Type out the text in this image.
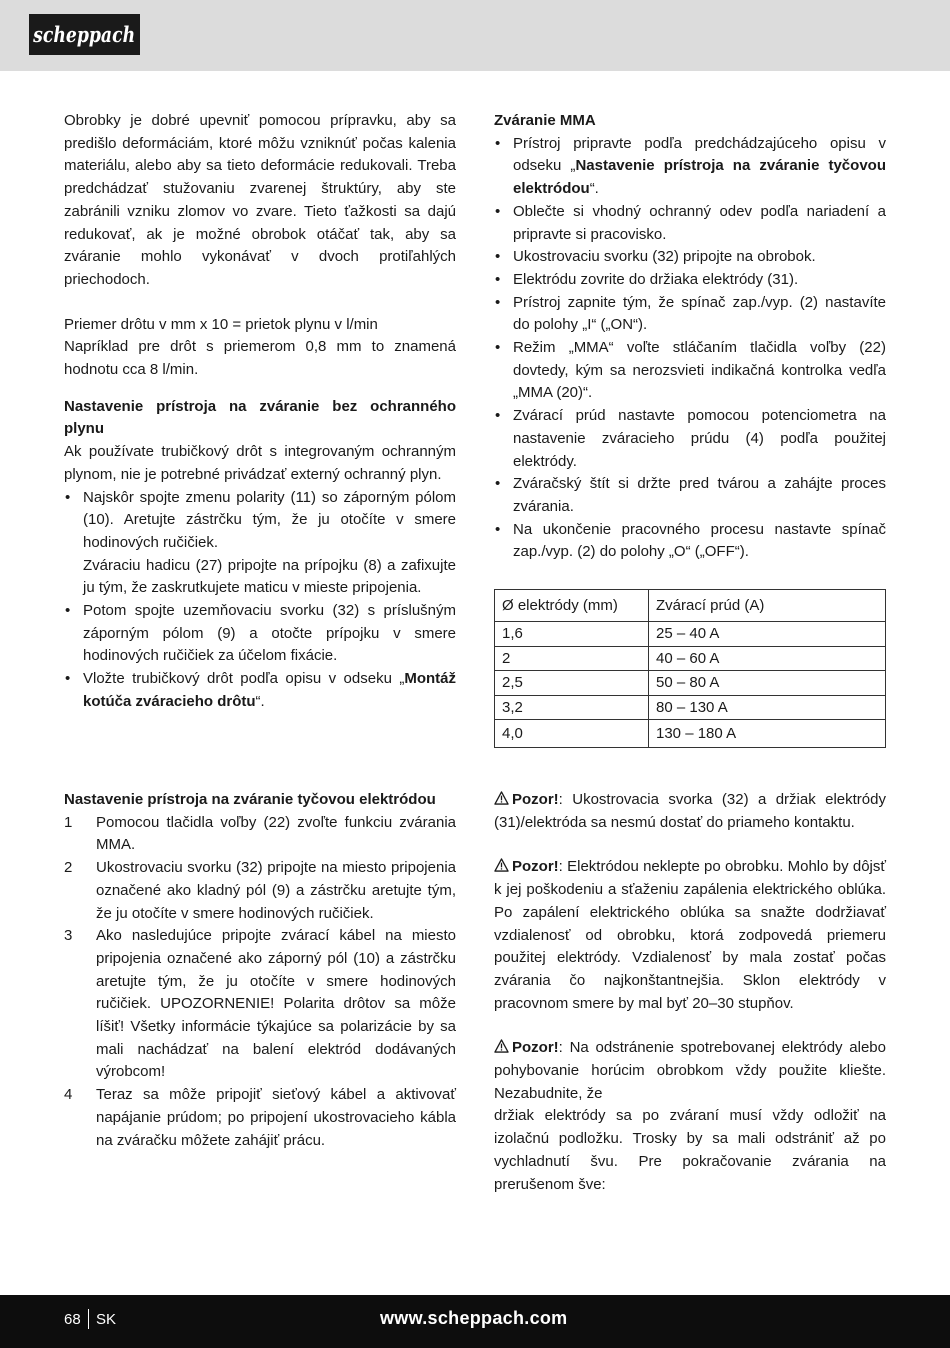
scheppach

Obrobky je dobré upevniť pomocou prípravku, aby sa predišlo deformáciám, ktoré môžu vzniknúť počas kalenia materiálu, alebo aby sa tieto deformácie redukovali. Treba predchádzať stužovaniu zvarenej štruktúry, aby ste zabránili vzniku zlomov vo zvare. Tieto ťažkosti sa dajú redukovať, ak je možné obrobok otáčať tak, aby sa zváranie mohlo vykonávať v dvoch protiľahlých priechodoch.

Priemer drôtu v mm x 10 = prietok plynu v l/min

Napríklad pre drôt s priemerom 0,8 mm to znamená hodnotu cca 8 l/min.

Nastavenie prístroja na zváranie bez ochranného plynu

Ak používate trubičkový drôt s integrovaným ochranným plynom, nie je potrebné privádzať externý ochranný plyn.

• Najskôr spojte zmenu polarity (11) so záporným pólom (10). Aretujte zástrčku tým, že ju otočíte v smere hodinových ručičiek.

Zváraciu hadicu (27) pripojte na prípojku (8) a zafixujte ju tým, že zaskrutkujete maticu v mieste pripojenia.

• Potom spojte uzemňovaciu svorku (32) s príslušným záporným pólom (9) a otočte prípojku v smere hodinových ručičiek za účelom fixácie.
• Vložte trubičkový drôt podľa opisu v odseku „Montáž kotúča zváracieho drôtu“.

Zváranie MMA

• Prístroj pripravte podľa predchádzajúceho opisu v odseku „Nastavenie prístroja na zváranie tyčovou elektródou“.
• Oblečte si vhodný ochranný odev podľa nariadení a pripravte si pracovisko.
• Ukostrovaciu svorku (32) pripojte na obrobok.
• Elektródu zovrite do držiaka elektródy (31).
• Prístroj zapnite tým, že spínač zap./vyp. (2) nastavíte do polohy „I“ („ON“).
• Režim „MMA“ voľte stláčaním tlačidla voľby (22) dovtedy, kým sa nerozsvieti indikačná kontrolka vedľa „MMA (20)“.
• Zvárací prúd nastavte pomocou potenciometra na nastavenie zváracieho prúdu (4) podľa použitej elektródy.
• Zváračský štít si držte pred tvárou a zahájte proces zvárania.
• Na ukončenie pracovného procesu nastavte spínač zap./vyp. (2) do polohy „O“ („OFF“).
Ø elektródy (mm)	Zvárací prúd (A)
1,6	25 – 40 A
2	40 – 60 A
2,5	50 – 80 A
3,2	80 – 130 A
4,0	130 – 180 A

Nastavenie prístroja na zváranie tyčovou elektródou

1 Pomocou tlačidla voľby (22) zvoľte funkciu zvárania MMA.
2 Ukostrovaciu svorku (32) pripojte na miesto pripojenia označené ako kladný pól (9) a zástrčku aretujte tým, že ju otočíte v smere hodinových ručičiek.
3 Ako nasledujúce pripojte zvárací kábel na miesto pripojenia označené ako záporný pól (10) a zástrčku aretujte tým, že ju otočíte v smere hodinových ručičiek. UPOZORNENIE! Polarita drôtov sa môže líšiť! Všetky informácie týkajúce sa polarizácie by sa mali nachádzať na balení elektród dodávaných výrobcom!
4 Teraz sa môže pripojiť sieťový kábel a aktivovať napájanie prúdom; po pripojení ukostrovacieho kábla na zváračku môžete zahájiť prácu.

Pozor!: Ukostrovacia svorka (32) a držiak elektródy (31)/elektróda sa nesmú dostať do priameho kontaktu.

Pozor!: Elektródou neklepte po obrobku. Mohlo by dôjsť k jej poškodeniu a sťaženiu zapálenia elektrického oblúka. Po zapálení elektrického oblúka sa snažte dodržiavať vzdialenosť od obrobku, ktorá zodpovedá priemeru použitej elektródy. Vzdialenosť by mala zostať počas zvárania čo najkonštantnejšia. Sklon elektródy v pracovnom smere by mal byť 20–30 stupňov.

Pozor!: Na odstránenie spotrebovanej elektródy alebo pohybovanie horúcim obrobkom vždy použite kliešte. Nezabudnite, že

držiak elektródy sa po zváraní musí vždy odložiť na izolačnú podložku. Trosky by sa mali odstrániť až po vychladnutí švu. Pre pokračovanie zvárania na prerušenom šve:

68 SK	www.scheppach.com
